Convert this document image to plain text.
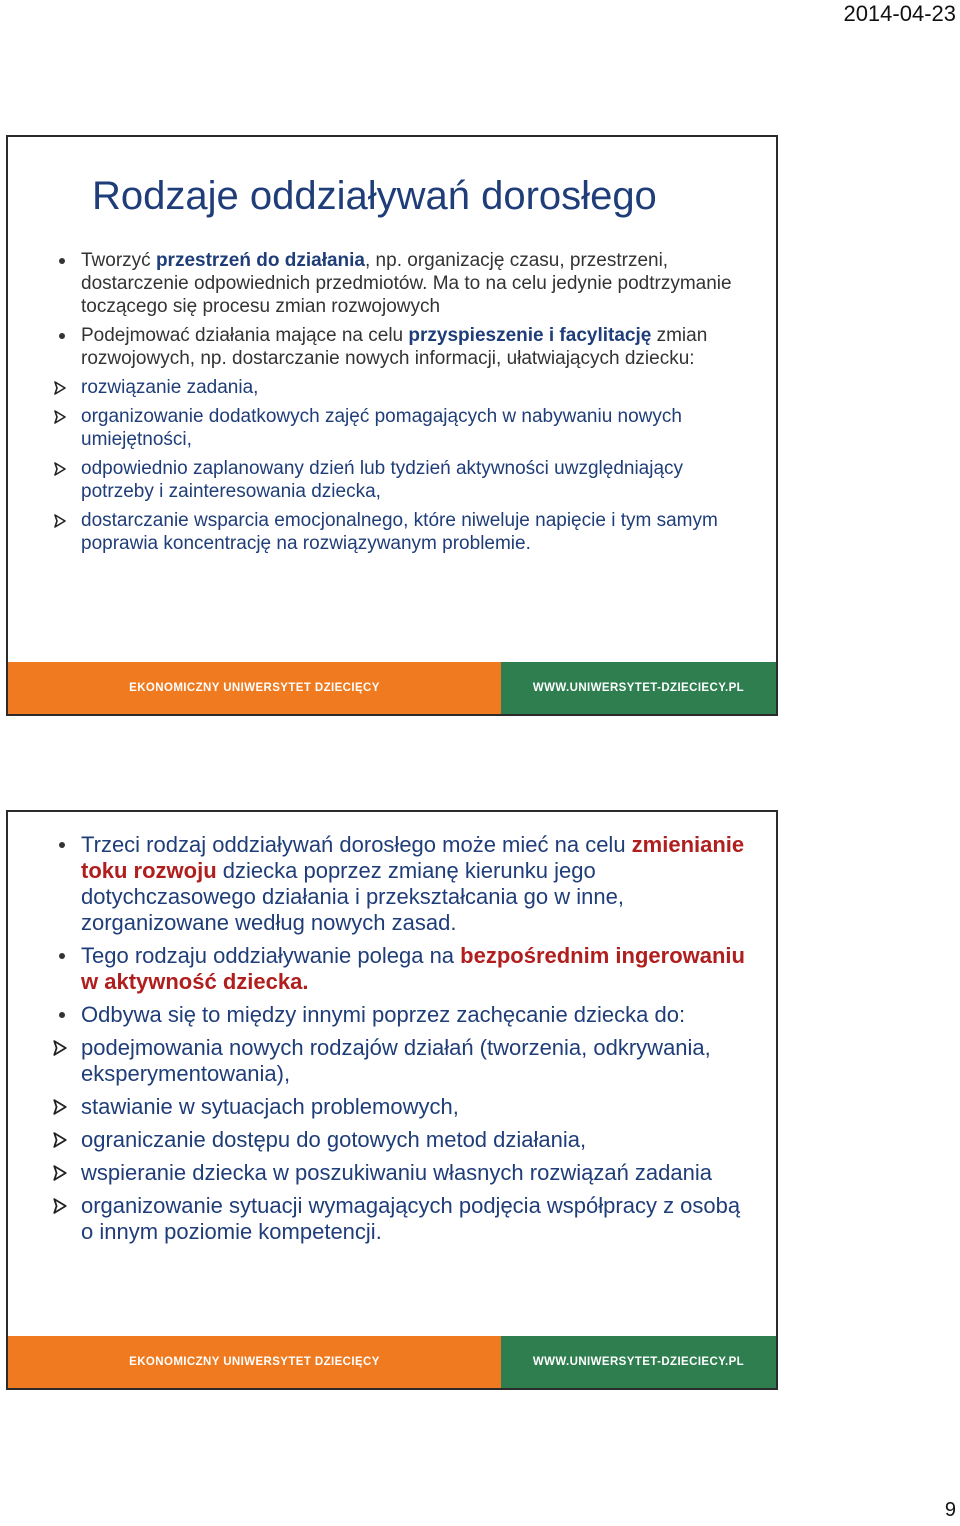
2014-04-23
Rodzaje oddziaływań dorosłego
Tworzyć przestrzeń do działania, np. organizację czasu, przestrzeni, dostarczenie odpowiednich przedmiotów. Ma to na celu jedynie podtrzymanie toczącego się procesu zmian rozwojowych
Podejmować działania mające na celu przyspieszenie i facylitację zmian rozwojowych, np. dostarczanie nowych informacji, ułatwiających dziecku:
rozwiązanie zadania,
organizowanie dodatkowych zajęć pomagających w nabywaniu nowych umiejętności,
odpowiednio zaplanowany dzień lub tydzień aktywności uwzględniający potrzeby i zainteresowania dziecka,
dostarczanie wsparcia emocjonalnego, które niweluje napięcie i tym samym poprawia koncentrację na rozwiązywanym problemie.
EKONOMICZNY UNIWERSYTET DZIECIĘCY	WWW.UNIWERSYTET-DZIECIECY.PL
Trzeci rodzaj oddziaływań dorosłego może mieć na celu zmienianie toku rozwoju dziecka poprzez zmianę kierunku jego dotychczasowego działania i przekształcania go w inne, zorganizowane według nowych zasad.
Tego rodzaju oddziaływanie polega na bezpośrednim ingerowaniu w aktywność dziecka.
Odbywa się to między innymi poprzez zachęcanie dziecka do:
podejmowania nowych rodzajów działań (tworzenia, odkrywania, eksperymentowania),
stawianie w sytuacjach problemowych,
ograniczanie dostępu do gotowych metod działania,
wspieranie dziecka w poszukiwaniu własnych rozwiązań zadania
organizowanie sytuacji wymagających podjęcia współpracy z osobą o innym poziomie kompetencji.
EKONOMICZNY UNIWERSYTET DZIECIĘCY	WWW.UNIWERSYTET-DZIECIECY.PL
9
